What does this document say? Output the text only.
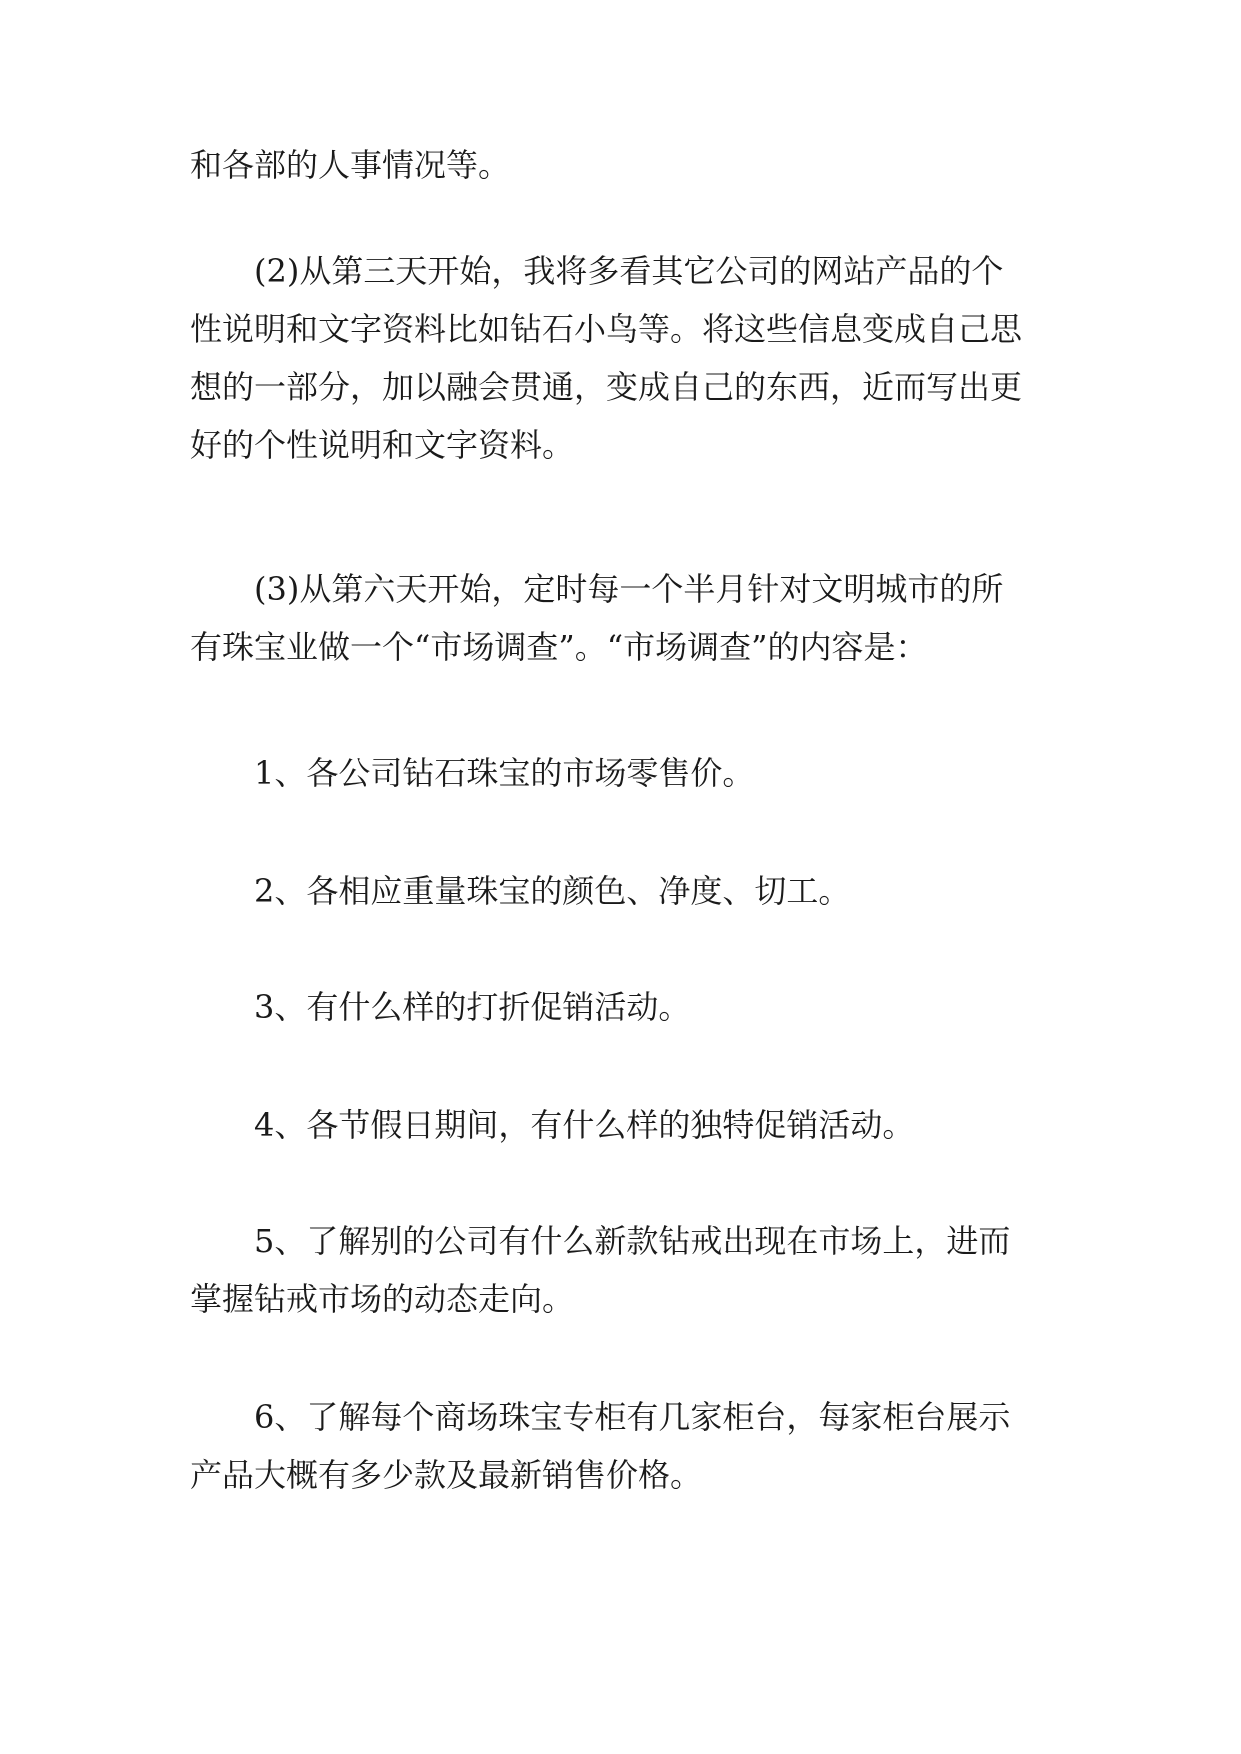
和各部的人事情况等。

(2)从第三天开始，我将多看其它公司的网站产品的个
性说明和文字资料比如钻石小鸟等。将这些信息变成自己思
想的一部分，加以融会贯通，变成自己的东西，近而写出更
好的个性说明和文字资料。

(3)从第六天开始，定时每一个半月针对文明城市的所
有珠宝业做一个“市场调查”。“市场调查”的内容是：

1、各公司钻石珠宝的市场零售价。

2、各相应重量珠宝的颜色、净度、切工。

3、有什么样的打折促销活动。

4、各节假日期间，有什么样的独特促销活动。

5、了解别的公司有什么新款钻戒出现在市场上，进而
掌握钻戒市场的动态走向。

6、了解每个商场珠宝专柜有几家柜台，每家柜台展示
产品大概有多少款及最新销售价格。
